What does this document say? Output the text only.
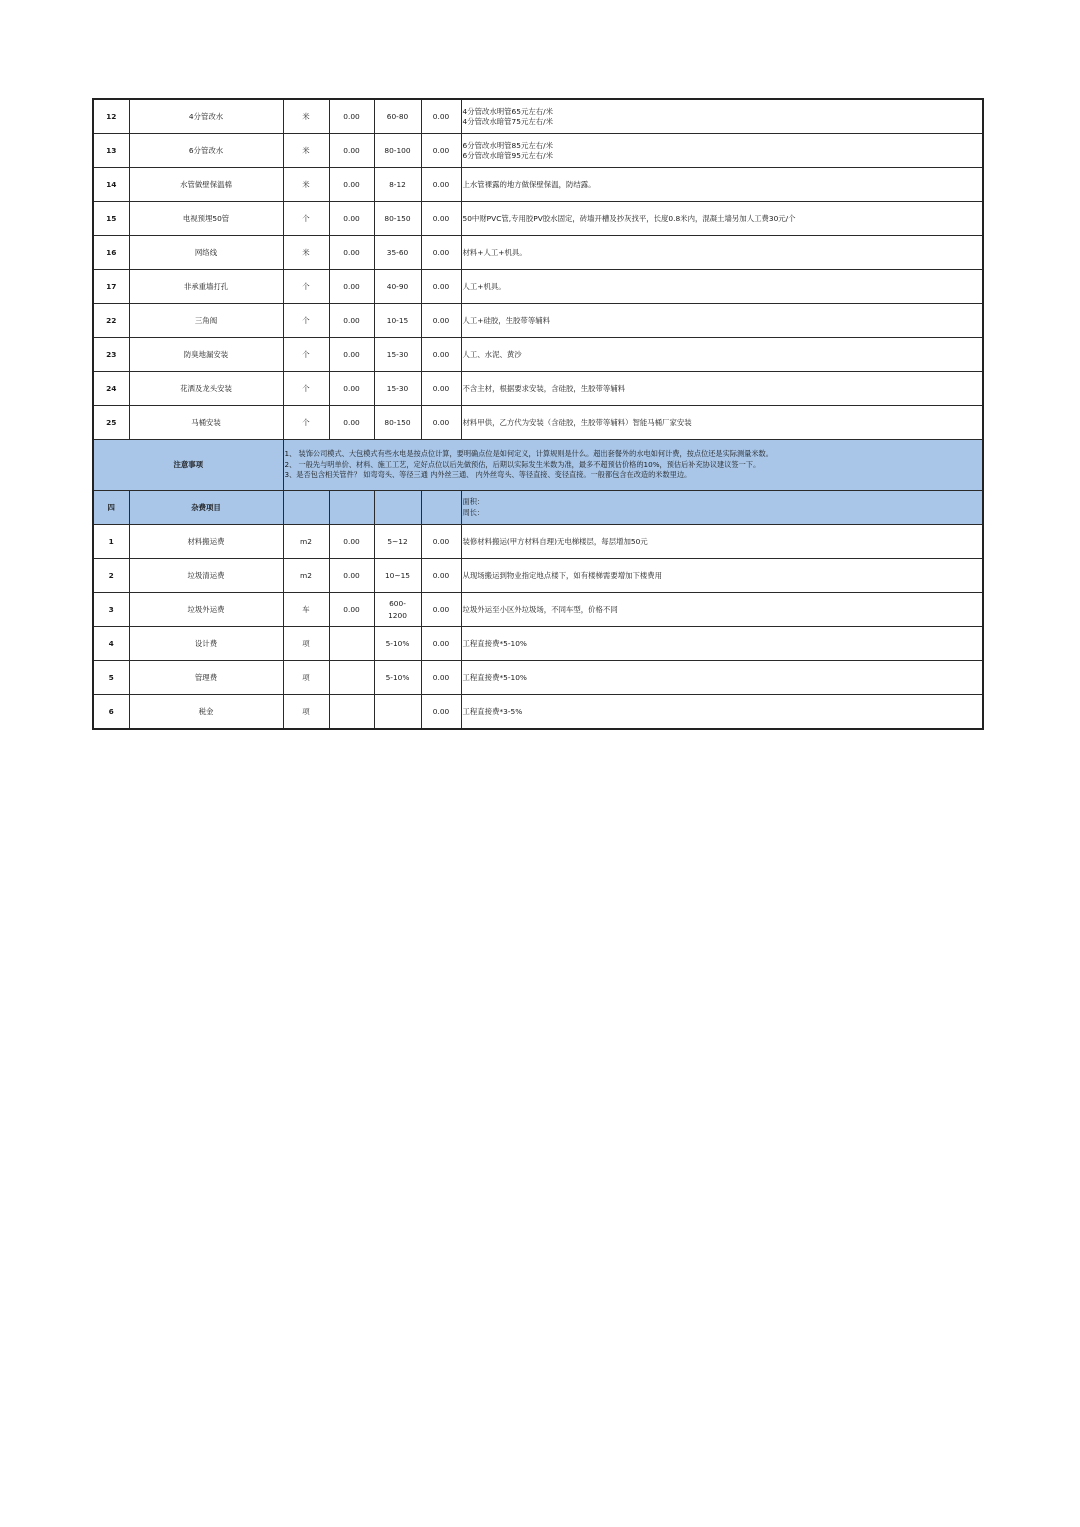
12	4分管改水	米	0.00	60-80	0.00	4分管改水明管65元左右/米
4分管改水暗管75元左右/米

13	6分管改水	米	0.00	80-100	0.00	6分管改水明管85元左右/米
6分管改水暗管95元左右/米

14	水管做壁保温棉	米	0.00	8-12	0.00	上水管裸露的地方做保壁保温，防结露。

15	电视预埋50管	个	0.00	80-150	0.00	50中财PVC管,专用胶PV胶水固定，砖墙开槽及抄灰找平，长度0.8米内，混凝土墙另加人工费30元/个

16	网络线	米	0.00	35-60	0.00	材料+人工+机具。

17	非承重墙打孔	个	0.00	40-90	0.00	人工+机具。

22	三角阀	个	0.00	10-15	0.00	人工+硅胶，生胶带等辅料

23	防臭地漏安装	个	0.00	15-30	0.00	人工、水泥、黄沙

24	花洒及龙头安装	个	0.00	15-30	0.00	不含主材，根据要求安装，含硅胶，生胶带等辅料

25	马桶安装	个	0.00	80-150	0.00	材料甲供，乙方代为安装（含硅胶，生胶带等辅料）智能马桶厂家安装

注意事项		1、 装饰公司模式、大包模式有些水电是按点位计算，要明确点位是如何定义，计算规则是什么。超出套餐外的水电如何计费，按点位还是实际测量米数。
2、 一般先与明单价、材料、施工工艺，定好点位以后先做预估，后期以实际发生米数为准，最多不超预估价格的10%，预估后补充协议建议签一下。
3、是否包含相关管件？ 如弯弯头、等径三通 内外丝三通、 内外丝弯头、等径直接、变径直接。一般都包含在改造的米数里边。				

四	杂费项目					面积：
周长：

1	材料搬运费	m2	0.00	5~12	0.00	装修材料搬运(甲方材料自理)无电梯楼层，每层增加50元

2	垃圾清运费	m2	0.00	10~15	0.00	从现场搬运到物业指定地点楼下，如有楼梯需要增加下楼费用

3	垃圾外运费	车	0.00	600-
1200	0.00	垃圾外运至小区外垃圾场，不同车型，价格不同

4	设计费	项		5-10%	0.00	工程直接费*5-10%

5	管理费	项		5-10%	0.00	工程直接费*5-10%

6	税金	项			0.00	工程直接费*3-5%
